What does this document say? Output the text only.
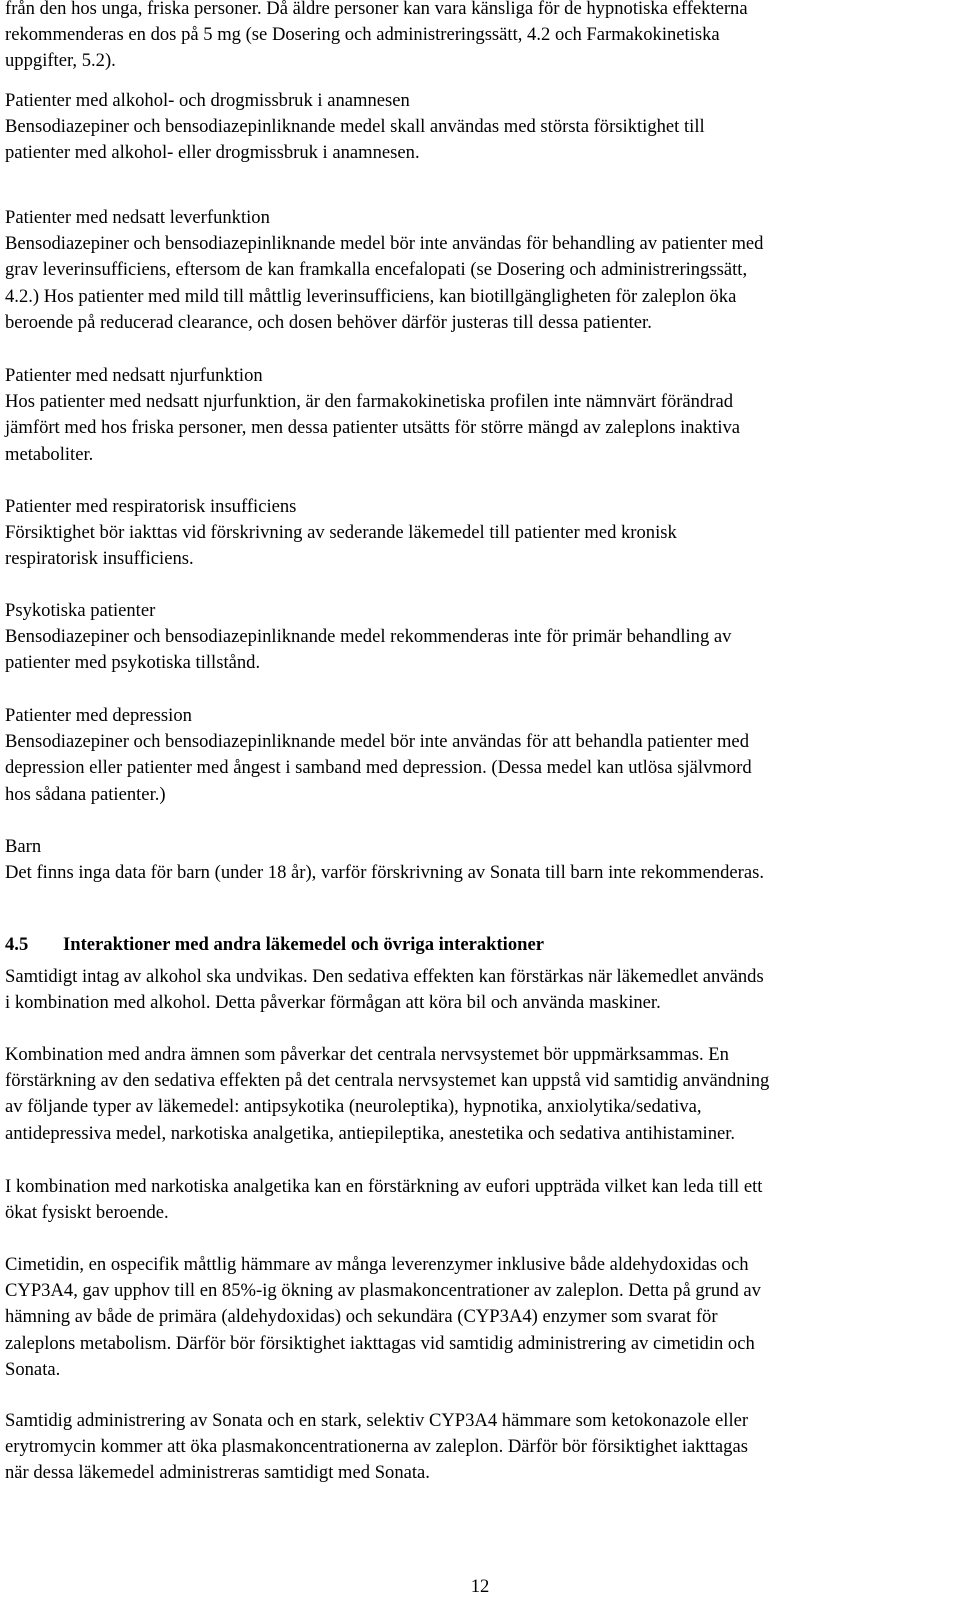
från den hos unga, friska personer. Då äldre personer kan vara känsliga för de hypnotiska effekterna
rekommenderas en dos på 5 mg (se Dosering och administreringssätt, 4.2 och Farmakokinetiska
uppgifter, 5.2).
Patienter med alkohol- och drogmissbruk i anamnesen
Bensodiazepiner och bensodiazepinliknande medel skall användas med största försiktighet till
patienter med alkohol- eller drogmissbruk i anamnesen.
Patienter med nedsatt leverfunktion
Bensodiazepiner och bensodiazepinliknande medel bör inte användas för behandling av patienter med
grav leverinsufficiens, eftersom de kan framkalla encefalopati (se Dosering och administreringssätt,
4.2.) Hos patienter med mild till måttlig leverinsufficiens, kan biotillgängligheten för zaleplon öka
beroende på reducerad clearance, och dosen behöver därför justeras till dessa patienter.
Patienter med nedsatt njurfunktion
Hos patienter med nedsatt njurfunktion, är den farmakokinetiska profilen inte nämnvärt förändrad
jämfört med hos friska personer, men dessa patienter utsätts för större mängd av zaleplons inaktiva
metaboliter.
Patienter med respiratorisk insufficiens
Försiktighet bör iakttas vid förskrivning av sederande läkemedel till patienter med kronisk
respiratorisk insufficiens.
Psykotiska patienter
Bensodiazepiner och bensodiazepinliknande medel rekommenderas inte för primär behandling av
patienter med psykotiska tillstånd.
Patienter med depression
Bensodiazepiner och bensodiazepinliknande medel bör inte användas för att behandla patienter med
depression eller patienter med ångest i samband med depression. (Dessa medel kan utlösa självmord
hos sådana patienter.)
Barn
Det finns inga data för barn (under 18 år), varför förskrivning av Sonata till barn inte rekommenderas.
4.5 Interaktioner med andra läkemedel och övriga interaktioner
Samtidigt intag av alkohol ska undvikas. Den sedativa effekten kan förstärkas när läkemedlet används
i kombination med alkohol. Detta påverkar förmågan att köra bil och använda maskiner.
Kombination med andra ämnen som påverkar det centrala nervsystemet bör uppmärksammas. En
förstärkning av den sedativa effekten på det centrala nervsystemet kan uppstå vid samtidig användning
av följande typer av läkemedel: antipsykotika (neuroleptika), hypnotika, anxiolytika/sedativa,
antidepressiva medel, narkotiska analgetika, antiepileptika, anestetika och sedativa antihistaminer.
I kombination med narkotiska analgetika kan en förstärkning av eufori uppträda vilket kan leda till ett
ökat fysiskt beroende.
Cimetidin, en ospecifik måttlig hämmare av många leverenzymer inklusive både aldehydoxidas och
CYP3A4, gav upphov till en 85%-ig ökning av plasmakoncentrationer av zaleplon. Detta på grund av
hämning av både de primära (aldehydoxidas) och sekundära (CYP3A4) enzymer som svarat för
zaleplons metabolism. Därför bör försiktighet iakttagas vid samtidig administrering av cimetidin och
Sonata.
Samtidig administrering av Sonata och en stark, selektiv CYP3A4 hämmare som ketokonazole eller
erytromycin kommer att öka plasmakoncentrationerna av zaleplon. Därför bör försiktighet iakttagas
när dessa läkemedel administreras samtidigt med Sonata.
12
